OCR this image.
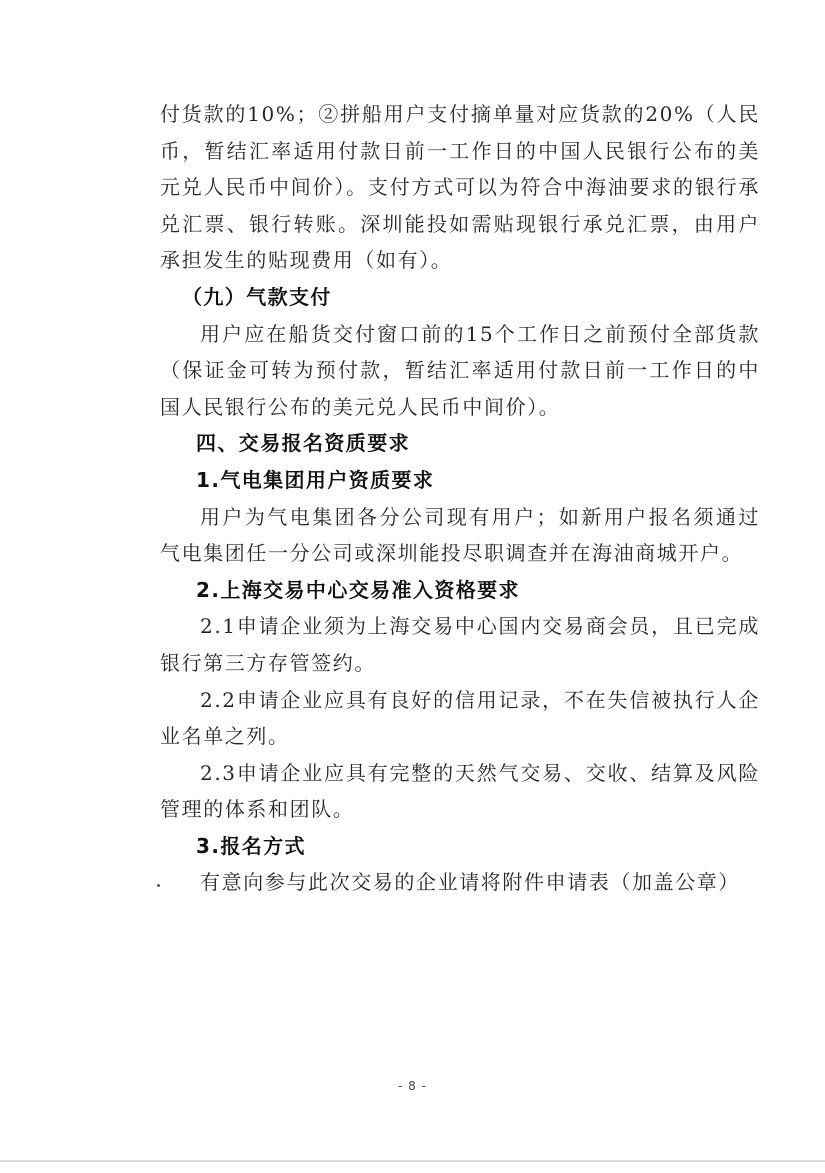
付货款的10%；②拼船用户支付摘单量对应货款的20%（人民币，暂结汇率适用付款日前一工作日的中国人民银行公布的美元兑人民币中间价）。支付方式可以为符合中海油要求的银行承兑汇票、银行转账。深圳能投如需贴现银行承兑汇票，由用户承担发生的贴现费用（如有）。

（九）气款支付

用户应在船货交付窗口前的15个工作日之前预付全部货款（保证金可转为预付款，暂结汇率适用付款日前一工作日的中国人民银行公布的美元兑人民币中间价）。

四、交易报名资质要求

1.气电集团用户资质要求

用户为气电集团各分公司现有用户；如新用户报名须通过气电集团任一分公司或深圳能投尽职调查并在海油商城开户。

2.上海交易中心交易准入资格要求

2.1申请企业须为上海交易中心国内交易商会员，且已完成银行第三方存管签约。

2.2申请企业应具有良好的信用记录，不在失信被执行人企业名单之列。

2.3申请企业应具有完整的天然气交易、交收、结算及风险管理的体系和团队。

3.报名方式

有意向参与此次交易的企业请将附件申请表（加盖公章）

- 8 -
